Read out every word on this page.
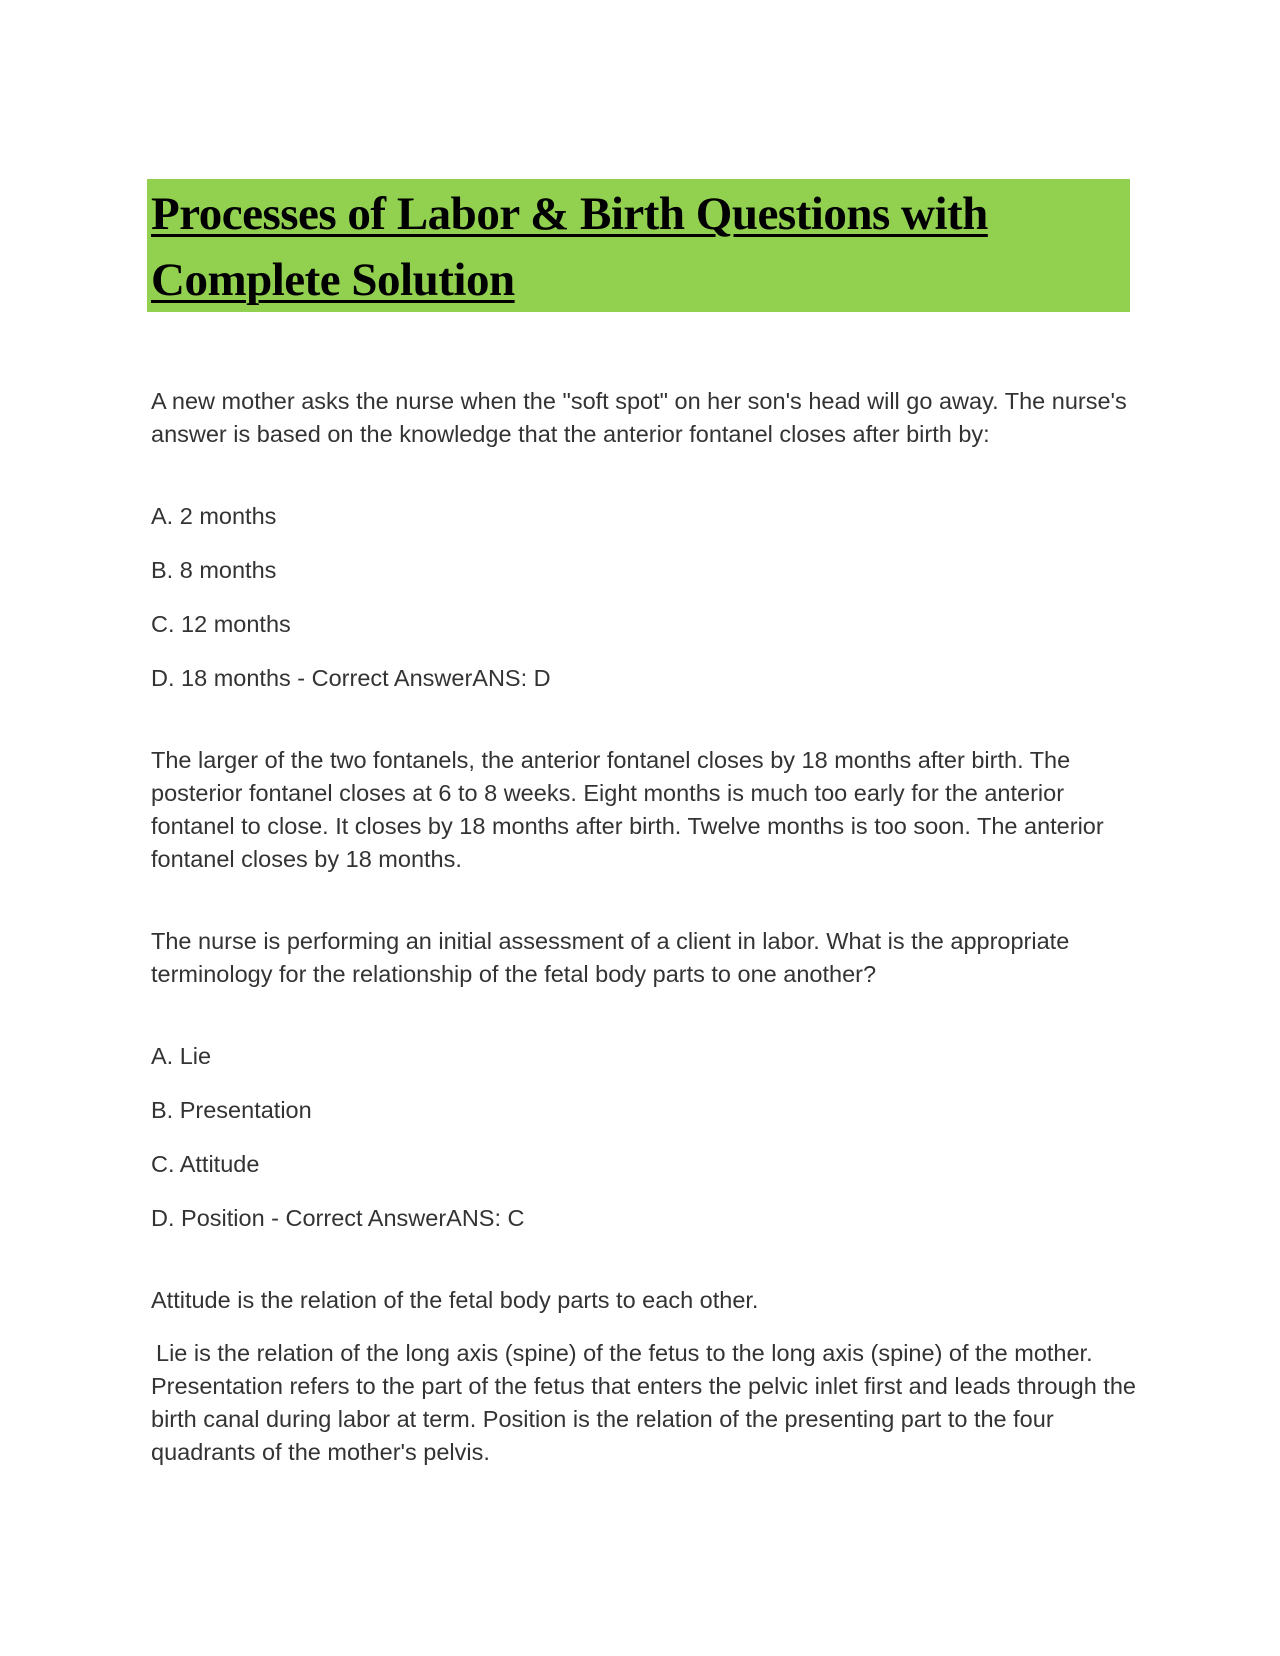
Processes of Labor & Birth Questions with
Complete Solution

A new mother asks the nurse when the "soft spot" on her son's head will go away. The nurse's answer is based on the knowledge that the anterior fontanel closes after birth by:

A. 2 months

B. 8 months

C. 12 months

D. 18 months - Correct AnswerANS: D

The larger of the two fontanels, the anterior fontanel closes by 18 months after birth. The posterior fontanel closes at 6 to 8 weeks. Eight months is much too early for the anterior fontanel to close. It closes by 18 months after birth. Twelve months is too soon. The anterior fontanel closes by 18 months.

The nurse is performing an initial assessment of a client in labor. What is the appropriate terminology for the relationship of the fetal body parts to one another?

A. Lie

B. Presentation

C. Attitude

D. Position - Correct AnswerANS: C

Attitude is the relation of the fetal body parts to each other.

Lie is the relation of the long axis (spine) of the fetus to the long axis (spine) of the mother. Presentation refers to the part of the fetus that enters the pelvic inlet first and leads through the birth canal during labor at term. Position is the relation of the presenting part to the four quadrants of the mother's pelvis.
